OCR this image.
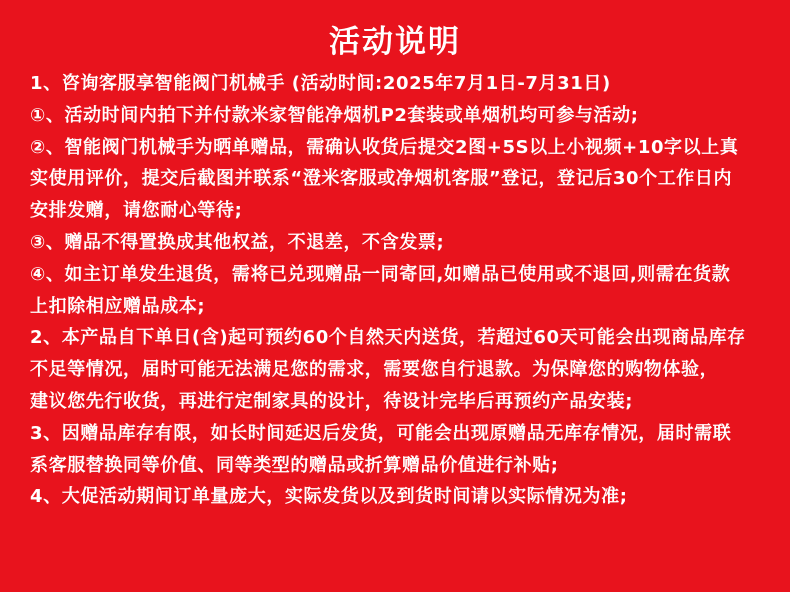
活动说明
1、咨询客服享智能阀门机械手 (活动时间:2025年7月1日-7月31日)
①、活动时间内拍下并付款米家智能净烟机P2套装或单烟机均可参与活动;
②、智能阀门机械手为晒单赠品，需确认收货后提交2图+5S以上小视频+10字以上真
实使用评价，提交后截图并联系“澄米客服或净烟机客服”登记，登记后30个工作日内
安排发赠，请您耐心等待;
③、赠品不得置换成其他权益，不退差，不含发票;
④、如主订单发生退货，需将已兑现赠品一同寄回,如赠品已使用或不退回,则需在货款
上扣除相应赠品成本;
2、本产品自下单日(含)起可预约60个自然天内送货，若超过60天可能会出现商品库存
不足等情况，届时可能无法满足您的需求，需要您自行退款。为保障您的购物体验，
建议您先行收货，再进行定制家具的设计，待设计完毕后再预约产品安装;
3、因赠品库存有限，如长时间延迟后发货，可能会出现原赠品无库存情况，届时需联
系客服替换同等价值、同等类型的赠品或折算赠品价值进行补贴;
4、大促活动期间订单量庞大，实际发货以及到货时间请以实际情况为准;
